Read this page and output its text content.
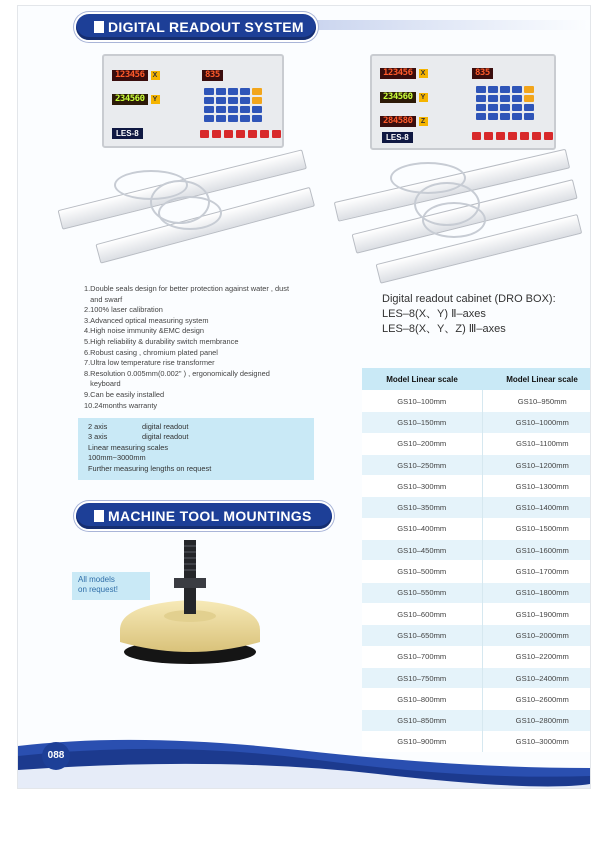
DIGITAL READOUT SYSTEM
123456	X
234560	Y
835
LES-8
123456	X
234560	Y
284580	Z
835
LES-8
1.Double seals design for better protection against water , dust
and swarf
2.100% laser calibration
3.Advanced optical measuring system
4.High noise immunity &EMC design
5.High reliability & durability switch membrance
6.Robust casing , chromium plated panel
7.Ultra low temperature rise transformer
8.Resolution 0.005mm(0.002" ) , ergonomically designed
keyboard
9.Can be easily installed
10.24months warranty
2 axis	digital readout
3 axis	digital readout
Linear measuring scales
100mm~3000mm
Further measuring lengths on request
Digital readout cabinet (DRO BOX):
LES–8(X、Y) Ⅱ–axes
LES–8(X、Y、Z) Ⅲ–axes
Model Linear scale	Model Linear scale
GS10–100mm	GS10–950mm
GS10–150mm	GS10–1000mm
GS10–200mm	GS10–1100mm
GS10–250mm	GS10–1200mm
GS10–300mm	GS10–1300mm
GS10–350mm	GS10–1400mm
GS10–400mm	GS10–1500mm
GS10–450mm	GS10–1600mm
GS10–500mm	GS10–1700mm
GS10–550mm	GS10–1800mm
GS10–600mm	GS10–1900mm
GS10–650mm	GS10–2000mm
GS10–700mm	GS10–2200mm
GS10–750mm	GS10–2400mm
GS10–800mm	GS10–2600mm
GS10–850mm	GS10–2800mm
GS10–900mm	GS10–3000mm
MACHINE TOOL MOUNTINGS
All models
on request!
088
